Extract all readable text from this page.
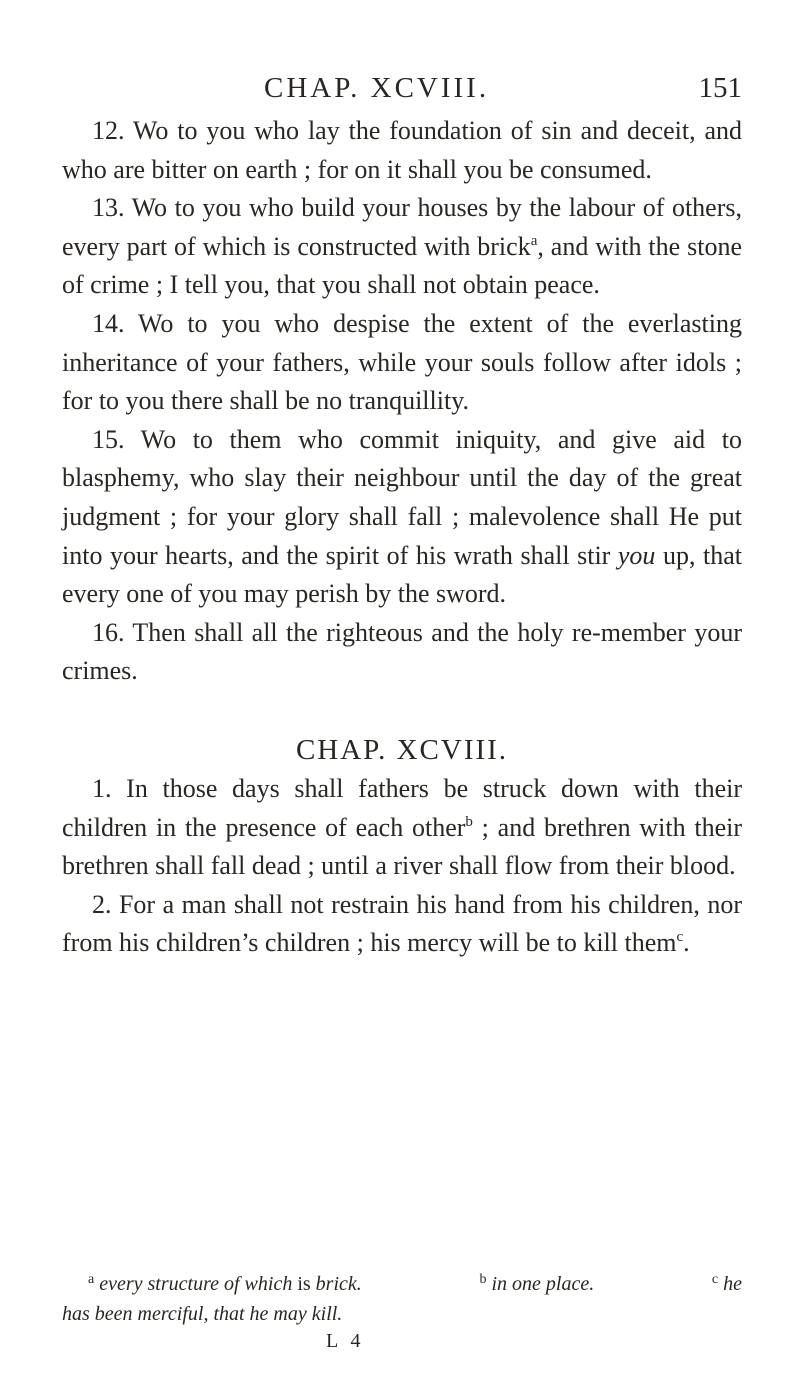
CHAP. XCVIII.	151

12. Wo to you who lay the foundation of sin and deceit, and who are bitter on earth ; for on it shall you be consumed.

13. Wo to you who build your houses by the labour of others, every part of which is constructed with brick$^a$, and with the stone of crime ; I tell you, that you shall not obtain peace.

14. Wo to you who despise the extent of the everlasting inheritance of your fathers, while your souls follow after idols ; for to you there shall be no tranquillity.

15. Wo to them who commit iniquity, and give aid to blasphemy, who slay their neighbour until the day of the great judgment ; for your glory shall fall ; malevolence shall He put into your hearts, and the spirit of his wrath shall stir you up, that every one of you may perish by the sword.

16. Then shall all the righteous and the holy re-member your crimes.

CHAP. XCVIII.

1. In those days shall fathers be struck down with their children in the presence of each other$^b$ ; and brethren with their brethren shall fall dead ; until a river shall flow from their blood.

2. For a man shall not restrain his hand from his children, nor from his children’s children ; his mercy will be to kill them$^c$.

$^a$ every structure of which is brick.	$^b$ in one place.	$^c$ he
has been merciful, that he may kill.
L 4
